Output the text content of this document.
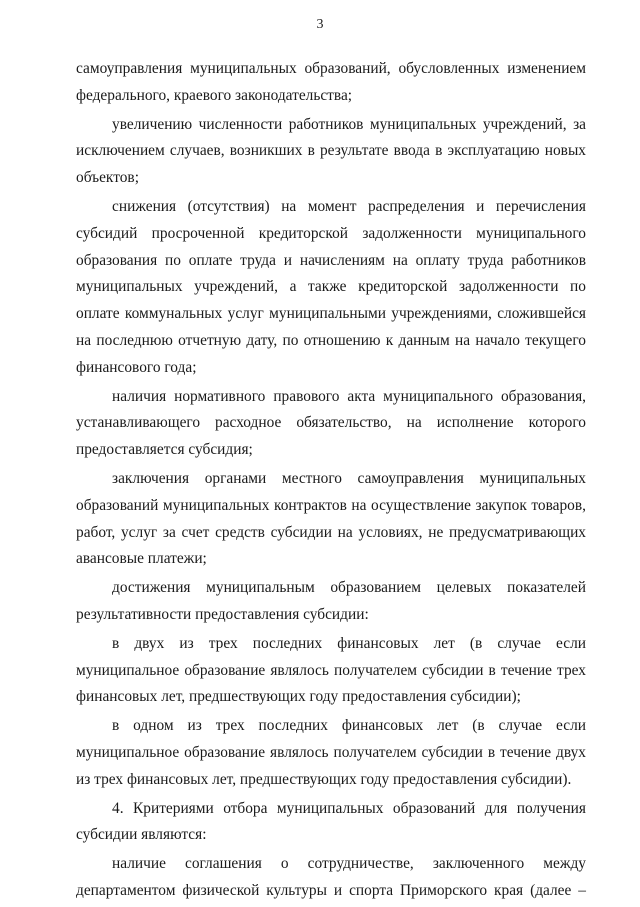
3

самоуправления муниципальных образований, обусловленных изменением федерального, краевого законодательства;

увеличению численности работников муниципальных учреждений, за исключением случаев, возникших в результате ввода в эксплуатацию новых объектов;

снижения (отсутствия) на момент распределения и перечисления субсидий просроченной кредиторской задолженности муниципального образования по оплате труда и начислениям на оплату труда работников муниципальных учреждений, а также кредиторской задолженности по оплате коммунальных услуг муниципальными учреждениями, сложившейся на последнюю отчетную дату, по отношению к данным на начало текущего финансового года;

наличия нормативного правового акта муниципального образования, устанавливающего расходное обязательство, на исполнение которого предоставляется субсидия;

заключения органами местного самоуправления муниципальных образований муниципальных контрактов на осуществление закупок товаров, работ, услуг за счет средств субсидии на условиях, не предусматривающих авансовые платежи;

достижения муниципальным образованием целевых показателей результативности предоставления субсидии:

в двух из трех последних финансовых лет (в случае если муниципальное образование являлось получателем субсидии в течение трех финансовых лет, предшествующих году предоставления субсидии);

в одном из трех последних финансовых лет (в случае если муниципальное образование являлось получателем субсидии в течение двух из трех финансовых лет, предшествующих году предоставления субсидии).

4. Критериями отбора муниципальных образований для получения субсидии являются:

наличие соглашения о сотрудничестве, заключенного между департаментом физической культуры и спорта Приморского края (далее –
